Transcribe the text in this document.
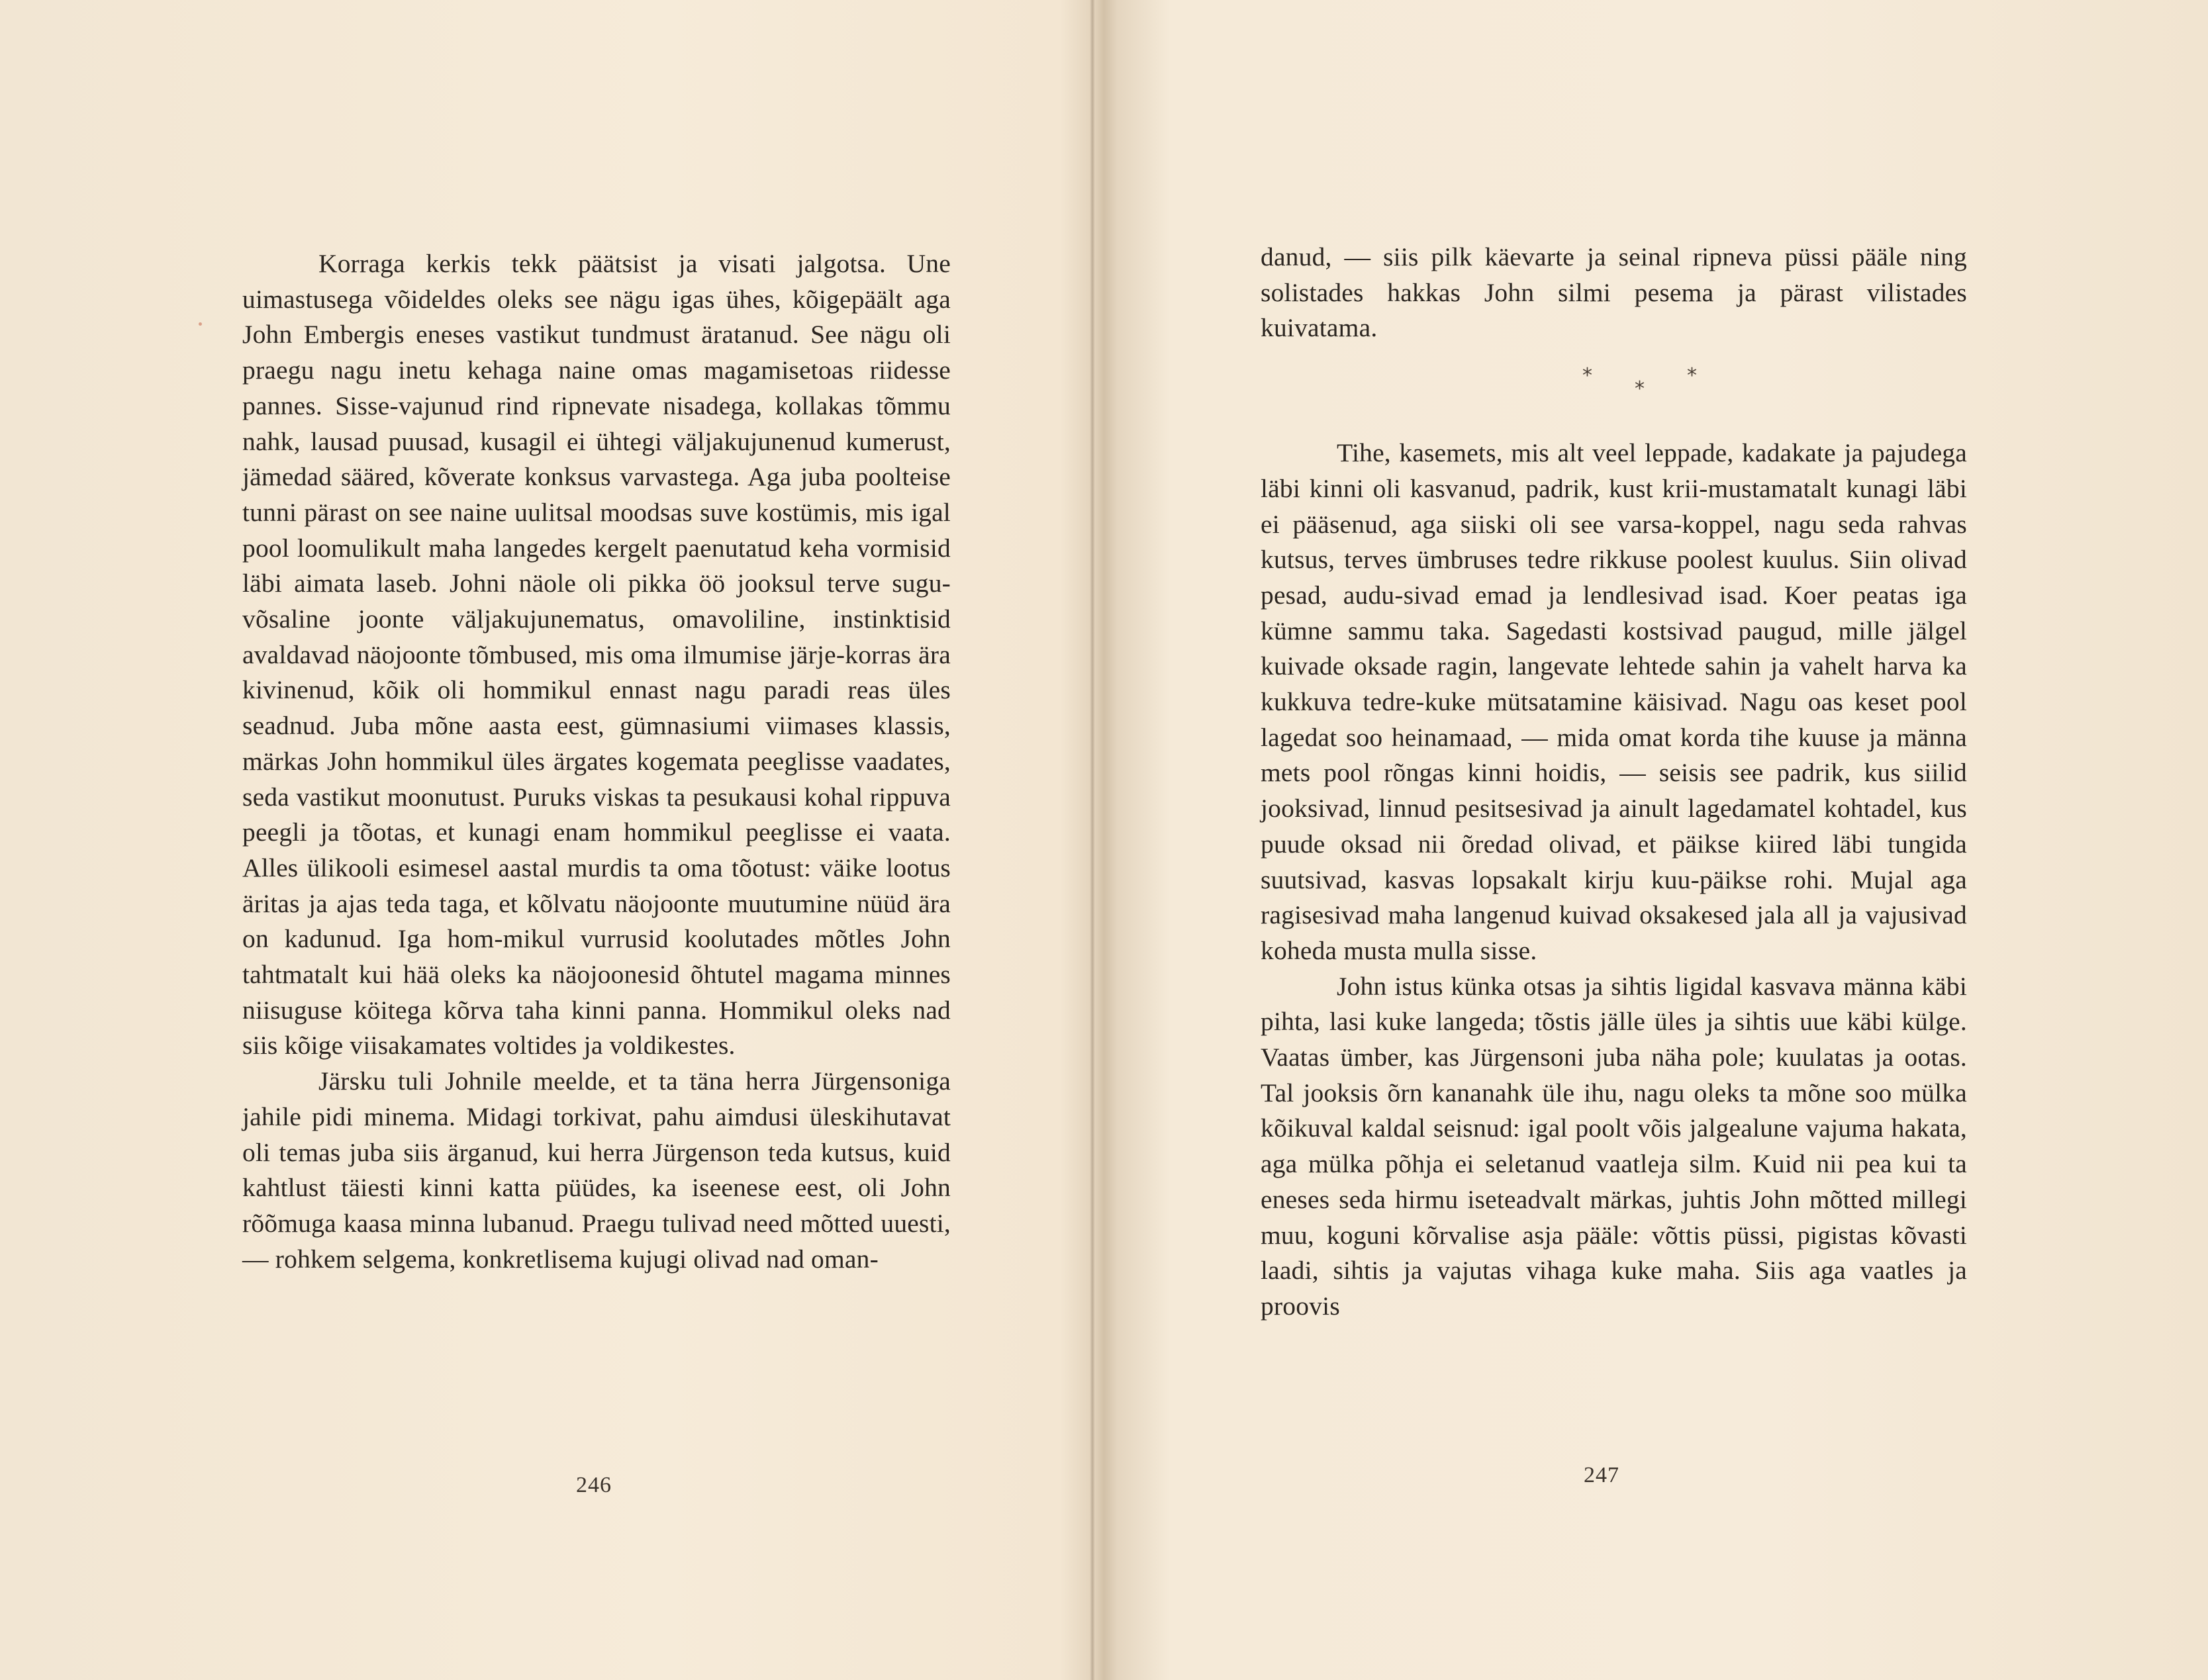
Korraga kerkis tekk päätsist ja visati jalgotsa. Une uimastusega võideldes oleks see nägu igas ühes, kõigepäält aga John Embergis eneses vastikut tundmust äratanud. See nägu oli praegu nagu inetu kehaga naine omas magamisetoas riidesse pannes. Sisse-vajunud rind ripnevate nisadega, kollakas tõmmu nahk, lausad puusad, kusagil ei ühtegi väljakujunenud kumerust, jämedad sääred, kõverate konksus varvastega. Aga juba poolteise tunni pärast on see naine uulitsal moodsas suve kostümis, mis igal pool loomulikult maha langedes kergelt paenutatud keha vormisid läbi aimata laseb. Johni näole oli pikka öö jooksul terve sugu-võsaline joonte väljakujunematus, omavoliline, instinktisid avaldavad näojoonte tõmbused, mis oma ilmumise järje-korras ära kivinenud, kõik oli hommikul ennast nagu paradi reas üles seadnud. Juba mõne aasta eest, gümnasiumi viimases klassis, märkas John hommikul üles ärgates kogemata peeglisse vaadates, seda vastikut moonutust. Puruks viskas ta pesukausi kohal rippuva peegli ja tõotas, et kunagi enam hommikul peeglisse ei vaata. Alles ülikooli esimesel aastal murdis ta oma tõotust: väike lootus äritas ja ajas teda taga, et kõlvatu näojoonte muutumine nüüd ära on kadunud. Iga hom-mikul vurrusid koolutades mõtles John tahtmatalt kui hää oleks ka näojoonesid õhtutel magama minnes niisuguse köitega kõrva taha kinni panna. Hommikul oleks nad siis kõige viisakamates voltides ja voldikestes.

Järsku tuli Johnile meelde, et ta täna herra Jürgensoniga jahile pidi minema. Midagi torkivat, pahu aimdusi üleskihutavat oli temas juba siis ärganud, kui herra Jürgenson teda kutsus, kuid kahtlust täiesti kinni katta püüdes, ka iseenese eest, oli John rõõmuga kaasa minna lubanud. Praegu tulivad need mõtted uuesti, — rohkem selgema, konkretlisema kujugi olivad nad oman-

246

danud, — siis pilk käevarte ja seinal ripneva püssi pääle ning solistades hakkas John silmi pesema ja pärast vilistades kuivatama.

*
*
*

Tihe, kasemets, mis alt veel leppade, kadakate ja pajudega läbi kinni oli kasvanud, padrik, kust krii-mustamatalt kunagi läbi ei pääsenud, aga siiski oli see varsa-koppel, nagu seda rahvas kutsus, terves ümbruses tedre rikkuse poolest kuulus. Siin olivad pesad, audu-sivad emad ja lendlesivad isad. Koer peatas iga kümne sammu taka. Sagedasti kostsivad paugud, mille jälgel kuivade oksade ragin, langevate lehtede sahin ja vahelt harva ka kukkuva tedre-kuke mütsatamine käisivad. Nagu oas keset pool lagedat soo heinamaad, — mida omat korda tihe kuuse ja männa mets pool rõngas kinni hoidis, — seisis see padrik, kus siilid jooksivad, linnud pesitsesivad ja ainult lagedamatel kohtadel, kus puude oksad nii õredad olivad, et päikse kiired läbi tungida suutsivad, kasvas lopsakalt kirju kuu-päikse rohi. Mujal aga ragisesivad maha langenud kuivad oksakesed jala all ja vajusivad koheda musta mulla sisse.

John istus künka otsas ja sihtis ligidal kasvava männa käbi pihta, lasi kuke langeda; tõstis jälle üles ja sihtis uue käbi külge. Vaatas ümber, kas Jürgensoni juba näha pole; kuulatas ja ootas. Tal jooksis õrn kananahk üle ihu, nagu oleks ta mõne soo mülka kõikuval kaldal seisnud: igal poolt võis jalgealune vajuma hakata, aga mülka põhja ei seletanud vaatleja silm. Kuid nii pea kui ta eneses seda hirmu iseteadvalt märkas, juhtis John mõtted millegi muu, koguni kõrvalise asja pääle: võttis püssi, pigistas kõvasti laadi, sihtis ja vajutas vihaga kuke maha. Siis aga vaatles ja proovis

247
